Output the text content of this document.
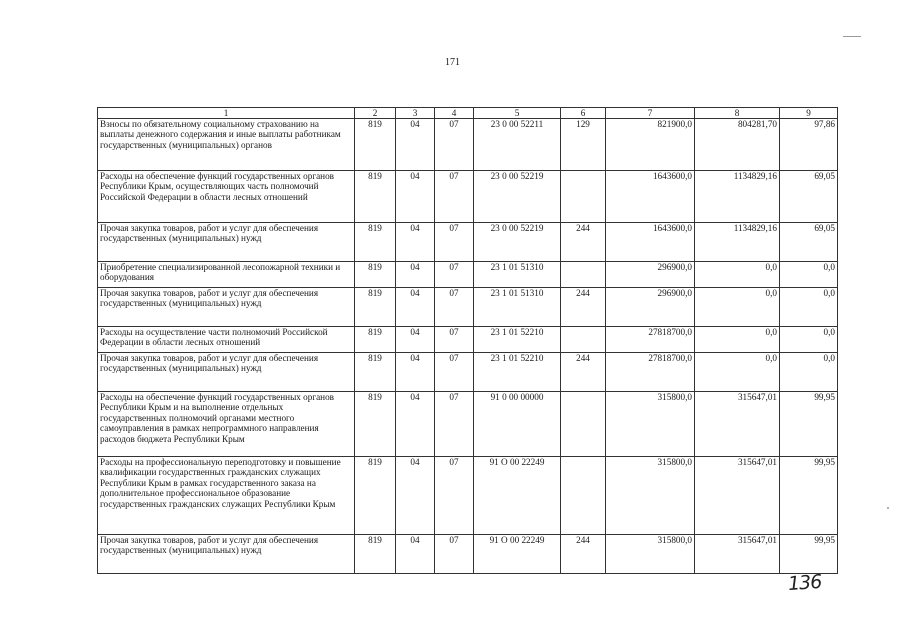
171
1	2	3	4	5	6	7	8	9
Взносы по обязательному социальному страхованию на выплаты денежного содержания и иные выплаты работникам государственных (муниципальных) органов	819	04	07	23 0 00 52211	129	821900,0	804281,70	97,86
Расходы на обеспечение функций государственных органов Республики Крым, осуществляющих часть полномочий Российской Федерации в области лесных отношений	819	04	07	23 0 00 52219		1643600,0	1134829,16	69,05
Прочая закупка товаров, работ и услуг для обеспечения государственных (муниципальных) нужд	819	04	07	23 0 00 52219	244	1643600,0	1134829,16	69,05
Приобретение специализированной лесопожарной техники и оборудования	819	04	07	23 1 01 51310		296900,0	0,0	0,0
Прочая закупка товаров, работ и услуг для обеспечения государственных (муниципальных) нужд	819	04	07	23 1 01 51310	244	296900,0	0,0	0,0
Расходы на осуществление части полномочий Российской Федерации в области лесных отношений	819	04	07	23 1 01 52210		27818700,0	0,0	0,0
Прочая закупка товаров, работ и услуг для обеспечения государственных (муниципальных) нужд	819	04	07	23 1 01 52210	244	27818700,0	0,0	0,0
Расходы на обеспечение функций государственных органов Республики Крым и на выполнение отдельных государственных полномочий органами местного самоуправления в рамках непрограммного направления расходов бюджета Республики Крым	819	04	07	91 0 00 00000		315800,0	315647,01	99,95
Расходы на профессиональную переподготовку и повышение квалификации государственных гражданских служащих Республики Крым в рамках государственного заказа на дополнительное профессиональное образование государственных гражданских служащих Республики Крым	819	04	07	91 О 00 22249		315800,0	315647,01	99,95
Прочая закупка товаров, работ и услуг для обеспечения государственных (муниципальных) нужд	819	04	07	91 О 00 22249	244	315800,0	315647,01	99,95
136
